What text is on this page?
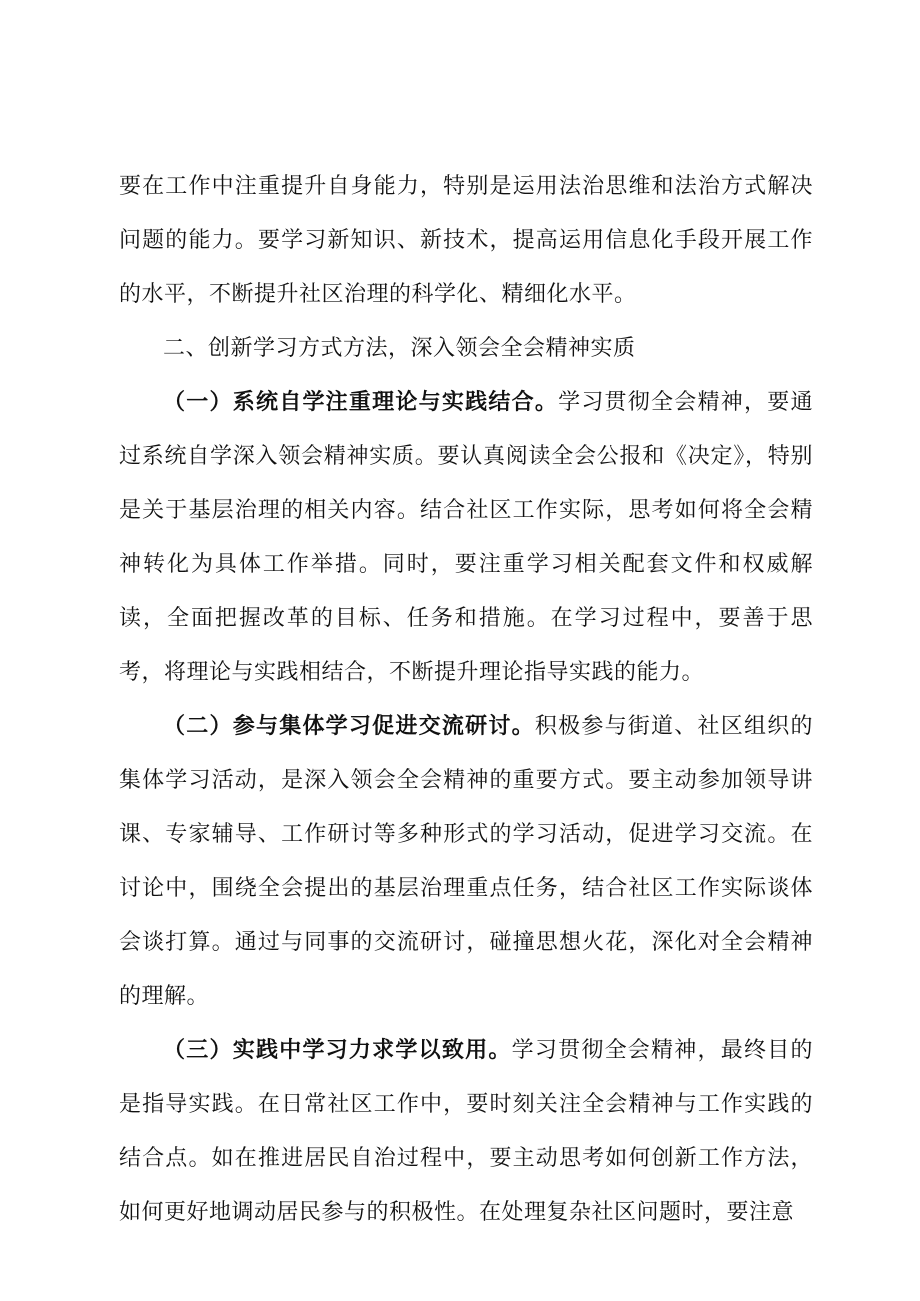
要在工作中注重提升自身能力，特别是运用法治思维和法治方式解决问题的能力。要学习新知识、新技术，提高运用信息化手段开展工作的水平，不断提升社区治理的科学化、精细化水平。

二、创新学习方式方法，深入领会全会精神实质

（一）系统自学注重理论与实践结合。学习贯彻全会精神，要通过系统自学深入领会精神实质。要认真阅读全会公报和《决定》，特别是关于基层治理的相关内容。结合社区工作实际，思考如何将全会精神转化为具体工作举措。同时，要注重学习相关配套文件和权威解读，全面把握改革的目标、任务和措施。在学习过程中，要善于思考，将理论与实践相结合，不断提升理论指导实践的能力。

（二）参与集体学习促进交流研讨。积极参与街道、社区组织的集体学习活动，是深入领会全会精神的重要方式。要主动参加领导讲课、专家辅导、工作研讨等多种形式的学习活动，促进学习交流。在讨论中，围绕全会提出的基层治理重点任务，结合社区工作实际谈体会谈打算。通过与同事的交流研讨，碰撞思想火花，深化对全会精神的理解。

（三）实践中学习力求学以致用。学习贯彻全会精神，最终目的是指导实践。在日常社区工作中，要时刻关注全会精神与工作实践的结合点。如在推进居民自治过程中，要主动思考如何创新工作方法，如何更好地调动居民参与的积极性。在处理复杂社区问题时，要注意
